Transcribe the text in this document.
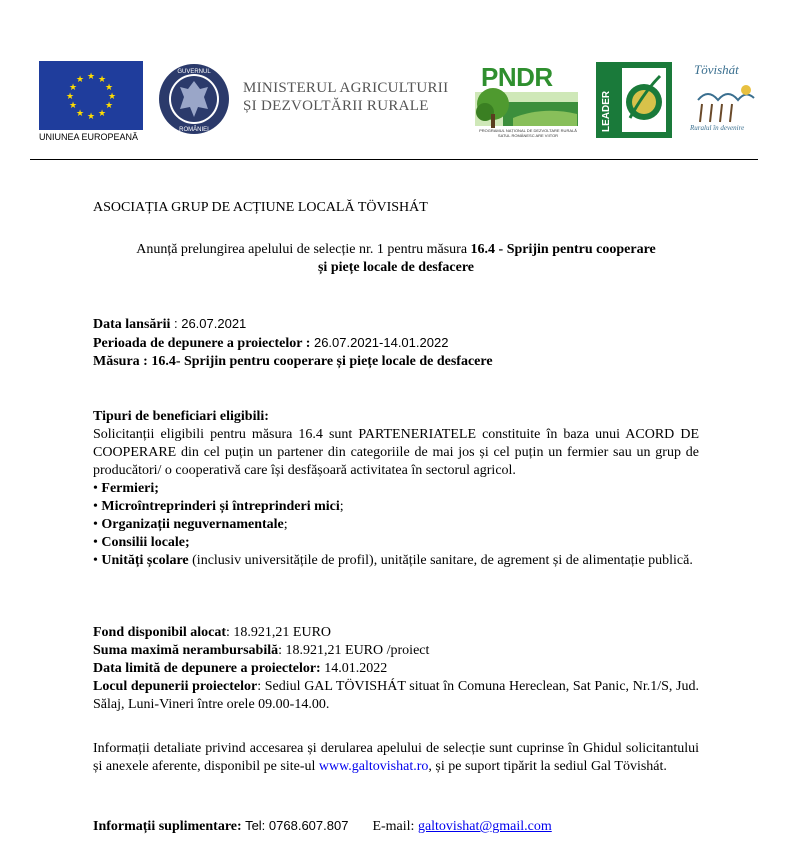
★ ★
★
★
★
★
★
★
★
★
★
★
UNIUNEA EUROPEANĂ
GUVERNUL
ROMÂNIEI
MINISTERUL AGRICULTURII
ȘI DEZVOLTĂRII RURALE
PNDR
PROGRAMUL NAȚIONAL DE DEZVOLTARE RURALĂ SATUL ROMÂNESC ARE VIITOR
LEADER
Tövishát
Ruralul în devenire
ASOCIAȚIA GRUP DE ACȚIUNE LOCALĂ TÖVISHÁT
Anunță prelungirea apelului de selecție nr. 1 pentru măsura 16.4 - Sprijin pentru cooperare
și piețe locale de desfacere
Data lansării : 26.07.2021
Perioada de depunere a proiectelor : 26.07.2021-14.01.2022
Măsura : 16.4- Sprijin pentru cooperare și piețe locale de desfacere
Tipuri de beneficiari eligibili:
Solicitanții eligibili pentru măsura 16.4 sunt PARTENERIATELE constituite în baza unui ACORD DE COOPERARE din cel puțin un partener din categoriile de mai jos și cel puțin un fermier sau un grup de producători/ o cooperativă care își desfășoară activitatea în sectorul agricol.
• Fermieri;
• Microîntreprinderi și întreprinderi mici;
• Organizații neguvernamentale;
• Consilii locale;
• Unități școlare (inclusiv universitățile de profil), unitățile sanitare, de agrement și de alimentație publică.
Fond disponibil alocat: 18.921,21 EURO
Suma maximă nerambursabilă: 18.921,21 EURO /proiect
Data limită de depunere a proiectelor: 14.01.2022
Locul depunerii proiectelor: Sediul GAL TÖVISHÁT situat în Comuna Hereclean, Sat Panic, Nr.1/S, Jud. Sălaj, Luni-Vineri între orele 09.00-14.00.
Informații detaliate privind accesarea și derularea apelului de selecție sunt cuprinse în Ghidul solicitantului și anexele aferente, disponibil pe site-ul www.galtovishat.ro, și pe suport tipărit la sediul Gal Tövishát.
Informații suplimentare: Tel: 0768.607.807 E-mail: galtovishat@gmail.com
